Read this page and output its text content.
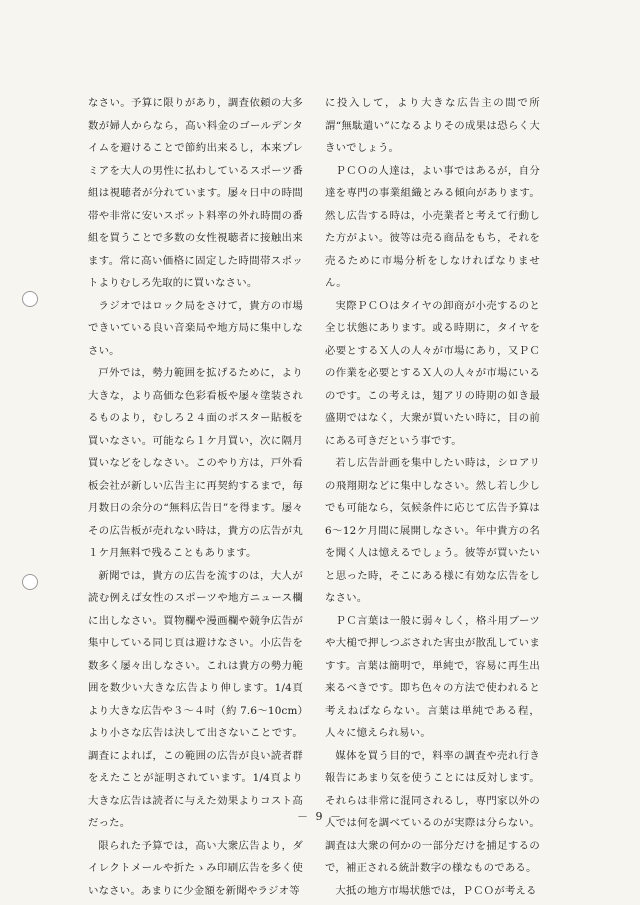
なさい。予算に限りがあり，調査依頼の大多数が婦人からなら，高い料金のゴールデンタイムを避けることで節約出来るし，本来プレミアを大人の男性に払わしているスポーツ番組は視聴者が分れています。屡々日中の時間帯や非常に安いスポット料率の外れ時間の番組を買うことで多数の女性視聴者に接触出来ます。常に高い価格に固定した時間帯スポットよりむしろ先取的に買いなさい。

ラジオではロック局をさけて，貴方の市場できいている良い音楽局や地方局に集中しなさい。

戸外では，勢力範囲を拡げるために，より大きな，より高価な色彩看板や屡々塗装されるものより，むしろ２４面のポスター貼板を買いなさい。可能なら１ケ月買い，次に隔月買いなどをしなさい。このやり方は，戸外看板会社が新しい広告主に再契約するまで，毎月数日の余分の“無料広告日”を得ます。屡々その広告板が売れない時は，貴方の広告が丸１ケ月無料で残ることもあります。

新聞では，貴方の広告を流すのは，大人が読む例えば女性のスポーツや地方ニュース欄に出しなさい。買物欄や漫画欄や競争広告が集中している同じ頁は避けなさい。小広告を数多く屡々出しなさい。これは貴方の勢力範囲を数少い大きな広告より伸します。1/4頁より大きな広告や３～４吋（約 7.6～10cm）より小さな広告は決して出さないことです。調査によれば，この範囲の広告が良い読者群をえたことが証明されています。1/4頁より大きな広告は読者に与えた効果よりコスト高だった。

限られた予算では，高い大衆広告より，ダイレクトメールや折たゝみ印刷広告を多く使いなさい。あまりに少金額を新聞やラジオ等

に投入して，より大きな広告主の間で所謂“無駄遣い”になるよりその成果は恐らく大きいでしょう。

ＰＣＯの人達は，よい事ではあるが，自分達を専門の事業組織とみる傾向があります。然し広告する時は，小売業者と考えて行動した方がよい。彼等は売る商品をもち，それを売るために市場分析をしなければなりません。

実際ＰＣＯはタイヤの卸商が小売するのと全じ状態にあります。或る時期に，タイヤを必要とするＸ人の人々が市場にあり，又ＰＣの作業を必要とするＸ人の人々が市場にいるのです。この考えは，翅アリの時期の如き最盛期ではなく，大衆が買いたい時に，目の前にある可きだという事です。

若し広告計画を集中したい時は，シロアリの飛翔期などに集中しなさい。然し若し少しでも可能なら，気候条件に応じて広告予算は6～12ケ月間に展開しなさい。年中貴方の名を聞く人は憶えるでしょう。彼等が買いたいと思った時，そこにある様に有効な広告をしなさい。

ＰＣ言葉は一般に弱々しく，格斗用ブーツや大槌で押しつぶされた害虫が散乱していますす。言葉は簡明で，単純で，容易に再生出来るべきです。即ち色々の方法で使われると考えねばならない。言葉は単純である程，人々に憶えられ易い。

媒体を買う目的で，料率の調査や売れ行き報告にあまり気を使うことには反対します。それらは非常に混同されるし，専門家以外の人では何を調べているのが実際は分らない。調査は大衆の何かの一部分だけを捕足するので，補正される統計数字の様なものである。

大抵の地方市場状態では，ＰＣＯが考える

－ 9 －
